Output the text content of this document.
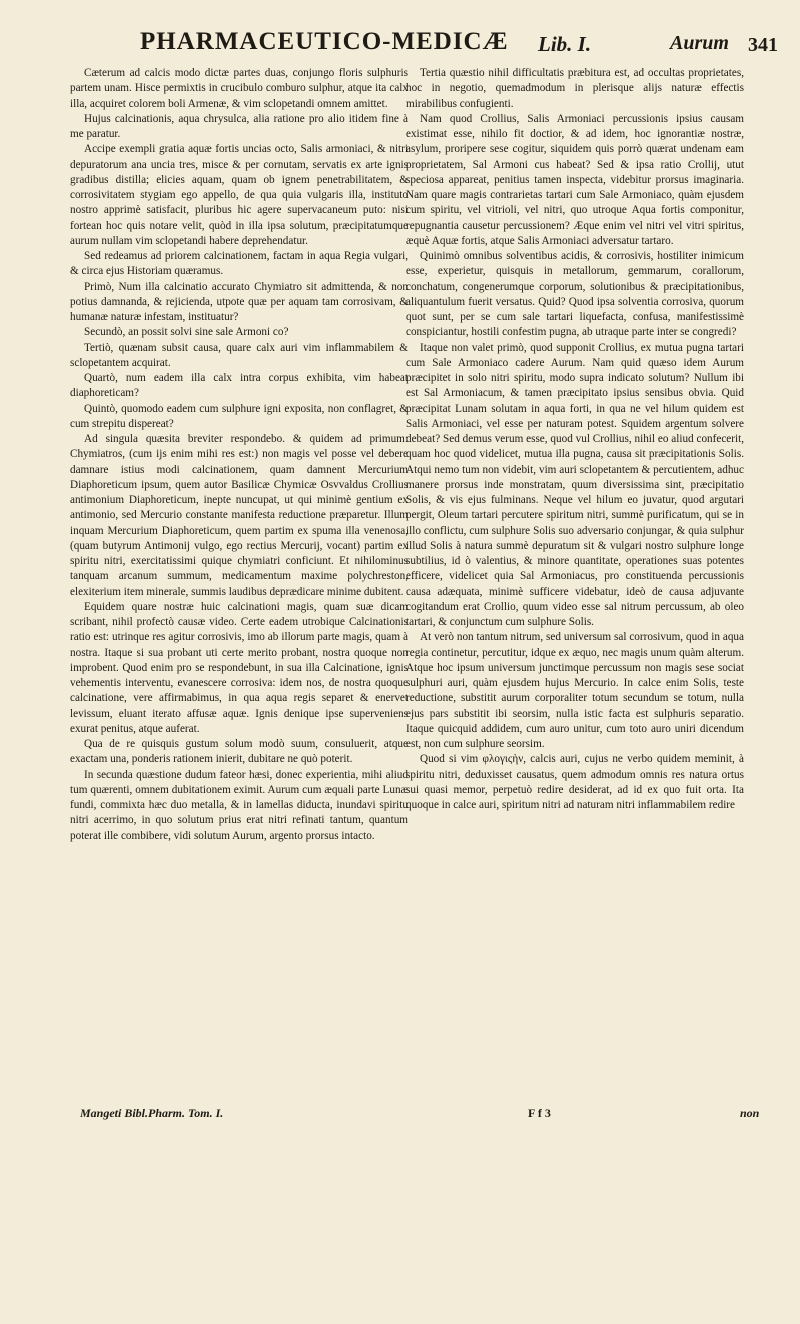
PHARMACEUTICO-MEDICÆ Lib. I.	Aurum 341

Cæterum ad calcis modo dictæ partes duas, conjungo floris sulphuris partem unam. Hisce permixtis in crucibulo comburo sulphur, atque ita calx illa, acquiret colorem boli Armenæ, & vim sclopetandi omnem amittet.

Hujus calcinationis, aqua chrysulca, alia ratione pro alio itidem fine à me paratur.

Accipe exempli gratia aquæ fortis uncias octo, Salis armoniaci, & nitri depuratorum ana uncia tres, misce & per cornutam, servatis ex arte ignis gradibus distilla; elicies aquam, quam ob ignem penetrabilitatem, & corrosivitatem stygiam ego appello, de qua quia vulgaris illa, instituto nostro apprimè satisfacit, pluribus hic agere supervacaneum puto: nisi fortean hoc quis notare velit, quòd in illa ipsa solutum, præcipitatumque aurum nullam vim sclopetandi habere deprehendatur.

Sed redeamus ad priorem calcinationem, factam in aqua Regia vulgari, & circa ejus Historiam quæramus.

Primò, Num illa calcinatio accurato Chymiatro sit admittenda, & non potius damnanda, & rejicienda, utpote quæ per aquam tam corrosivam, & humanæ naturæ infestam, instituatur?

Secundò, an possit solvi sine sale Armoni co?

Tertiò, quænam subsit causa, quare calx auri vim inflammabilem & sclopetantem acquirat.

Quartò, num eadem illa calx intra corpus exhibita, vim habeat diaphoreticam?

Quintò, quomodo eadem cum sulphure igni exposita, non conflagret, & cum strepitu dispereat?

Ad singula quæsita breviter respondebo. & quidem ad primum: Chymiatros, (cum ijs enim mihi res est:) non magis vel posse vel debere damnare istius modi calcinationem, quam damnent Mercurium Diaphoreticum ipsum, quem autor Basilicæ Chymicæ Osvvaldus Crollius antimonium Diaphoreticum, inepte nuncupat, ut qui minimè gentium ex antimonio, sed Mercurio constante manifesta reductione præparetur. Illum inquam Mercurium Diaphoreticum, quem partim ex spuma illa venenosa, (quam butyrum Antimonij vulgo, ego rectius Mercurij, vocant) partim ex spiritu nitri, exercitatissimi quique chymiatri conficiunt. Et nihilominus tanquam arcanum summum, medicamentum maxime polychreston, elexiterium item minerale, summis laudibus deprædicare minime dubitent.

Equidem quare nostræ huic calcinationi magis, quam suæ dicam scribant, nihil profectò causæ video. Certe eadem utrobique Calcinationis ratio est: utrinque res agitur corrosivis, imo ab illorum parte magis, quam à nostra. Itaque si sua probant uti certe merito probant, nostra quoque non improbent. Quod enim pro se respondebunt, in sua illa Calcinatione, ignis vehementis interventu, evanescere corrosiva: idem nos, de nostra quoque calcinatione, vere affirmabimus, in qua aqua regis separet & enervet levissum, eluant iterato affusæ aquæ. Ignis denique ipse superveniens exurat penitus, atque auferat.

Qua de re quisquis gustum solum modò suum, consuluerit, atque exactam una, ponderis rationem inierit, dubitare ne quò poterit.

In secunda quæstione dudum fateor hæsi, donec experientia, mihi aliud tum quærenti, omnem dubitationem eximit. Aurum cum æquali parte Lunæ fundi, commixta hæc duo metalla, & in lamellas diducta, inundavi spiritu nitri acerrimo, in quo solutum prius erat nitri refinati tantum, quantum poterat ille combibere, vidi solutum Aurum, argento prorsus intacto.

Tertia quæstio nihil difficultatis præbitura est, ad occultas proprietates, hoc in negotio, quemadmodum in plerisque alijs naturæ effectis mirabilibus confugienti.

Nam quod Crollius, Salis Armoniaci percussionis ipsius causam existimat esse, nihilo fit doctior, & ad idem, hoc ignorantiæ nostræ, asylum, proripere sese cogitur, siquidem quis porrò quærat undenam eam proprietatem, Sal Armoni cus habeat? Sed & ipsa ratio Crollij, utut speciosa appareat, penitius tamen inspecta, videbitur prorsus imaginaria. Nam quare magis contrarietas tartari cum Sale Armoniaco, quàm ejusdem cum spiritu, vel vitrioli, vel nitri, quo utroque Aqua fortis componitur, repugnantia causetur percussionem? Æque enim vel nitri vel vitri spiritus, æquè Aquæ fortis, atque Salis Armoniaci adversatur tartaro.

Quinimò omnibus solventibus acidis, & corrosivis, hostiliter inimicum esse, experietur, quisquis in metallorum, gemmarum, corallorum, conchatum, congenerumque corporum, solutionibus & præcipitationibus, aliquantulum fuerit versatus. Quid? Quod ipsa solventia corrosiva, quorum quot sunt, per se cum sale tartari liquefacta, confusa, manifestissimè conspiciantur, hostili confestim pugna, ab utraque parte inter se congredi?

Itaque non valet primò, quod supponit Crollius, ex mutua pugna tartari cum Sale Armoniaco cadere Aurum. Nam quid quæso idem Aurum præcipitet in solo nitri spiritu, modo supra indicato solutum? Nullum ibi est Sal Armoniacum, & tamen præcipitato ipsius sensibus obvia. Quid præcipitat Lunam solutam in aqua forti, in qua ne vel hilum quidem est Salis Armoniaci, vel esse per naturam potest. Squidem argentum solvere debeat? Sed demus verum esse, quod vul Crollius, nihil eo aliud confecerit, quam hoc quod videlicet, mutua illa pugna, causa sit præcipitationis Solis. Atqui nemo tum non videbit, vim auri sclopetantem & percutientem, adhuc manere prorsus inde monstratam, quum diversissima sint, præcipitatio Solis, & vis ejus fulminans. Neque vel hilum eo juvatur, quod argutari pergit, Oleum tartari percutere spiritum nitri, summè purificatum, qui se in illo conflictu, cum sulphure Solis suo adversario conjungar, & quia sulphur illud Solis à natura summè depuratum sit & vulgari nostro sulphure longe subtilius, id ò valentius, & minore quantitate, operationes suas potentes efficere, videlicet quia Sal Armoniacus, pro constituenda percussionis causa adæquata, minimè sufficere videbatur, ideò de causa adjuvante cogitandum erat Crollio, quum video esse sal nitrum percussum, ab oleo tartari, & conjunctum cum sulphure Solis.

At verò non tantum nitrum, sed universum sal corrosivum, quod in aqua regia continetur, percutitur, idque ex æquo, nec magis unum quàm alterum. Atque hoc ipsum universum junctimque percussum non magis sese sociat sulphuri auri, quàm ejusdem hujus Mercurio. In calce enim Solis, teste reductione, substitit aurum corporaliter totum secundum se totum, nulla ejus pars substitit ibi seorsim, nulla istic facta est sulphuris separatio. Itaque quicquid addidem, cum auro unitur, cum toto auro uniri dicendum est, non cum sulphure seorsim.

Quod si vim φλογιςὴν, calcis auri, cujus ne verbo quidem meminit, à spiritu nitri, deduxisset causatus, quem admodum omnis res natura ortus sui quasi memor, perpetuò redire desiderat, ad id ex quo fuit orta. Ita quoque in calce auri, spiritum nitri ad naturam nitri inflammabilem redire

Mangeti Bibl.Pharm. Tom. I.	F f 3	non
